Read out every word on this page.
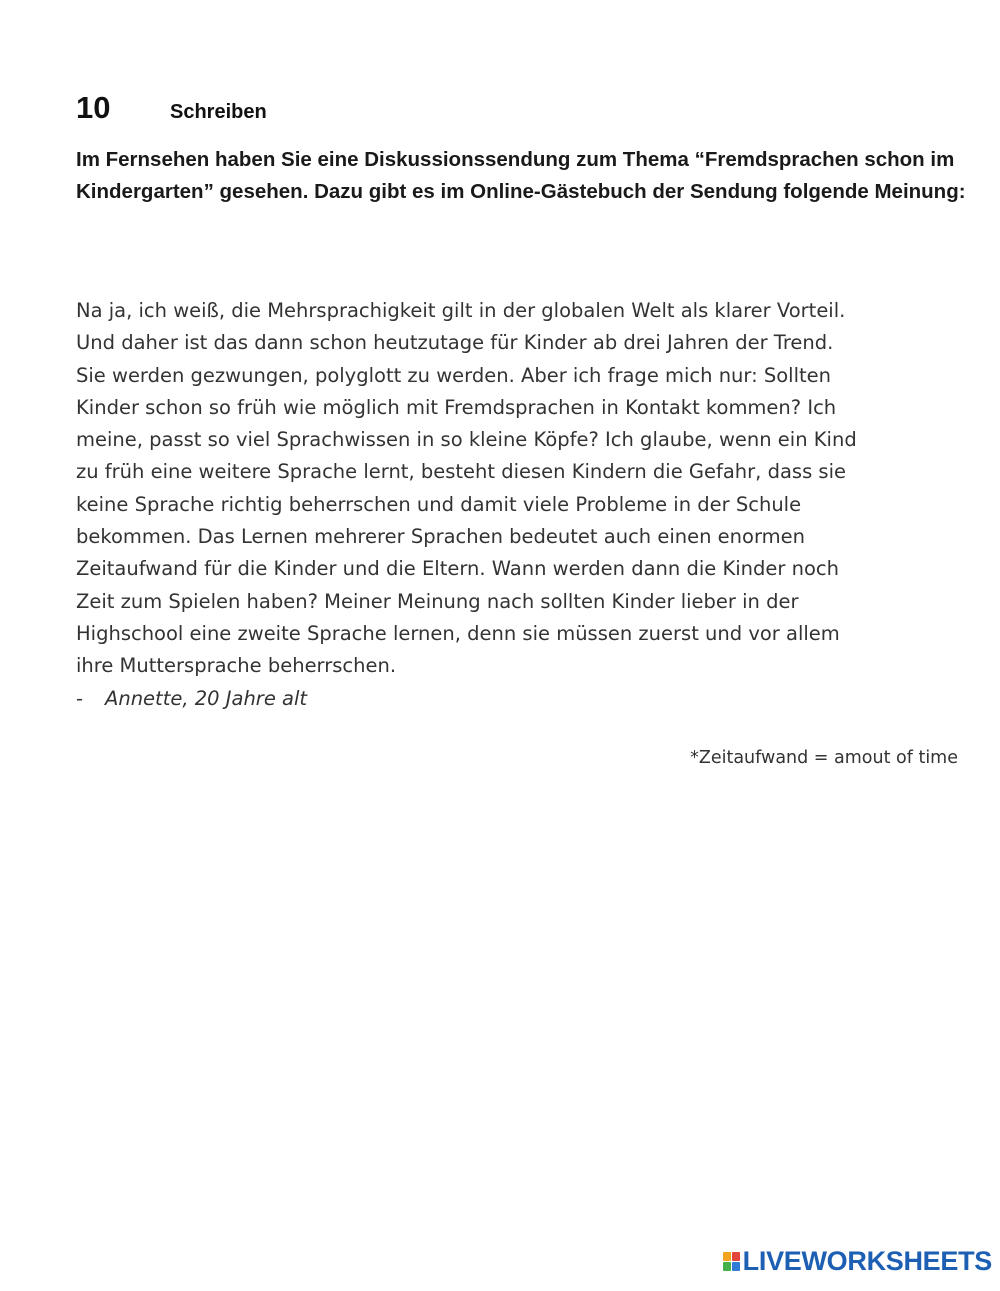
10	Schreiben

Im Fernsehen haben Sie eine Diskussionssendung zum Thema “Fremdsprachen schon im Kindergarten” gesehen. Dazu gibt es im Online-Gästebuch der Sendung folgende Meinung:

Na ja, ich weiß, die Mehrsprachigkeit gilt in der globalen Welt als klarer Vorteil.
Und daher ist das dann schon heutzutage für Kinder ab drei Jahren der Trend.
Sie werden gezwungen, polyglott zu werden. Aber ich frage mich nur: Sollten
Kinder schon so früh wie möglich mit Fremdsprachen in Kontakt kommen? Ich
meine, passt so viel Sprachwissen in so kleine Köpfe? Ich glaube, wenn ein Kind
zu früh eine weitere Sprache lernt, besteht diesen Kindern die Gefahr, dass sie
keine Sprache richtig beherrschen und damit viele Probleme in der Schule
bekommen. Das Lernen mehrerer Sprachen bedeutet auch einen enormen
Zeitaufwand für die Kinder und die Eltern. Wann werden dann die Kinder noch
Zeit zum Spielen haben? Meiner Meinung nach sollten Kinder lieber in der
Highschool eine zweite Sprache lernen, denn sie müssen zuerst und vor allem
ihre Muttersprache beherrschen.
-	Annette, 20 Jahre alt
*Zeitaufwand = amout of time
LIVEWORKSHEETS
